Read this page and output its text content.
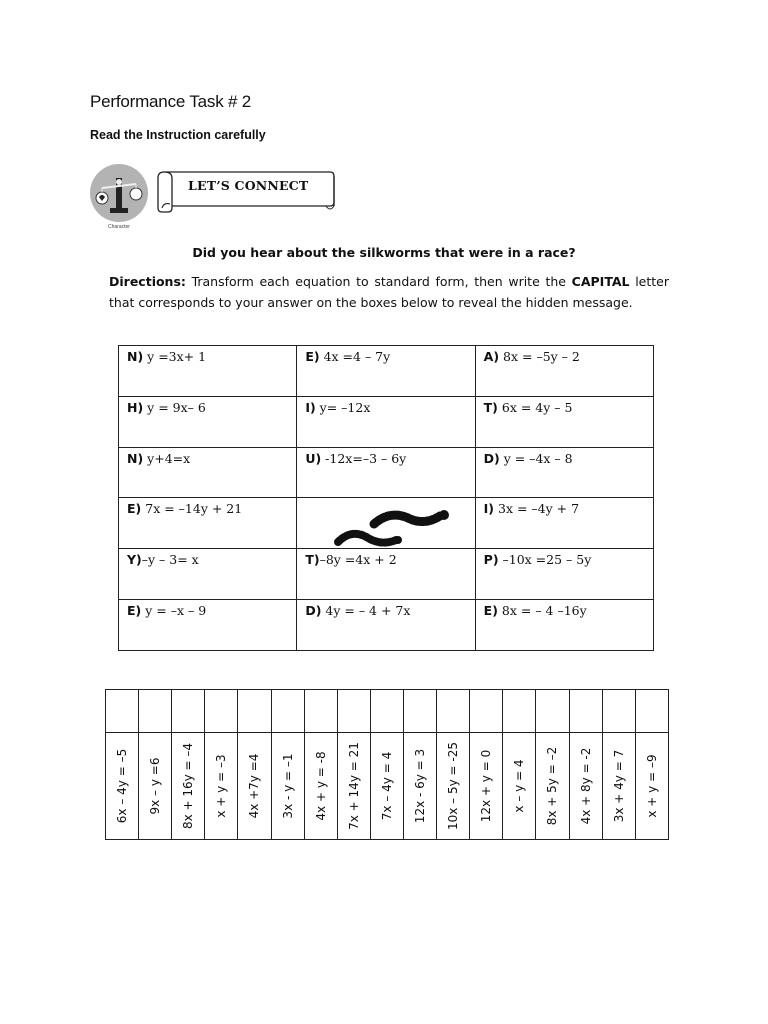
Performance Task # 2
Read the Instruction carefully
Character
LET’S CONNECT
Did you hear about the silkworms that were in a race?
Directions: Transform each equation to standard form, then write the CAPITAL letter that corresponds to your answer on the boxes below to reveal the hidden message.
N) y =3x+ 1	E) 4x =4 – 7y	A) 8x = –5y – 2
H) y = 9x– 6	I) y= –12x	T) 6x = 4y – 5
N) y+4=x	U) -12x=–3 – 6y	D) y = –4x – 8
E) 7x = –14y + 21		I) 3x = –4y + 7
Y)–y – 3= x	T)–8y =4x + 2	P) –10x =25 – 5y
E) y = –x – 9	D) 4y = – 4 + 7x	E) 8x = – 4 –16y

6x – 4y = –5	9x – y =6	8x + 16y = –4	x + y = –3	4x +7y =4	3x - y = –1	4x + y = -8	7x + 14y = 21	7x – 4y = 4	12x - 6y = 3	10x – 5y = -25	12x + y = 0	x – y = 4	8x + 5y = –2	4x + 8y = -2	3x + 4y = 7	x + y = –9
